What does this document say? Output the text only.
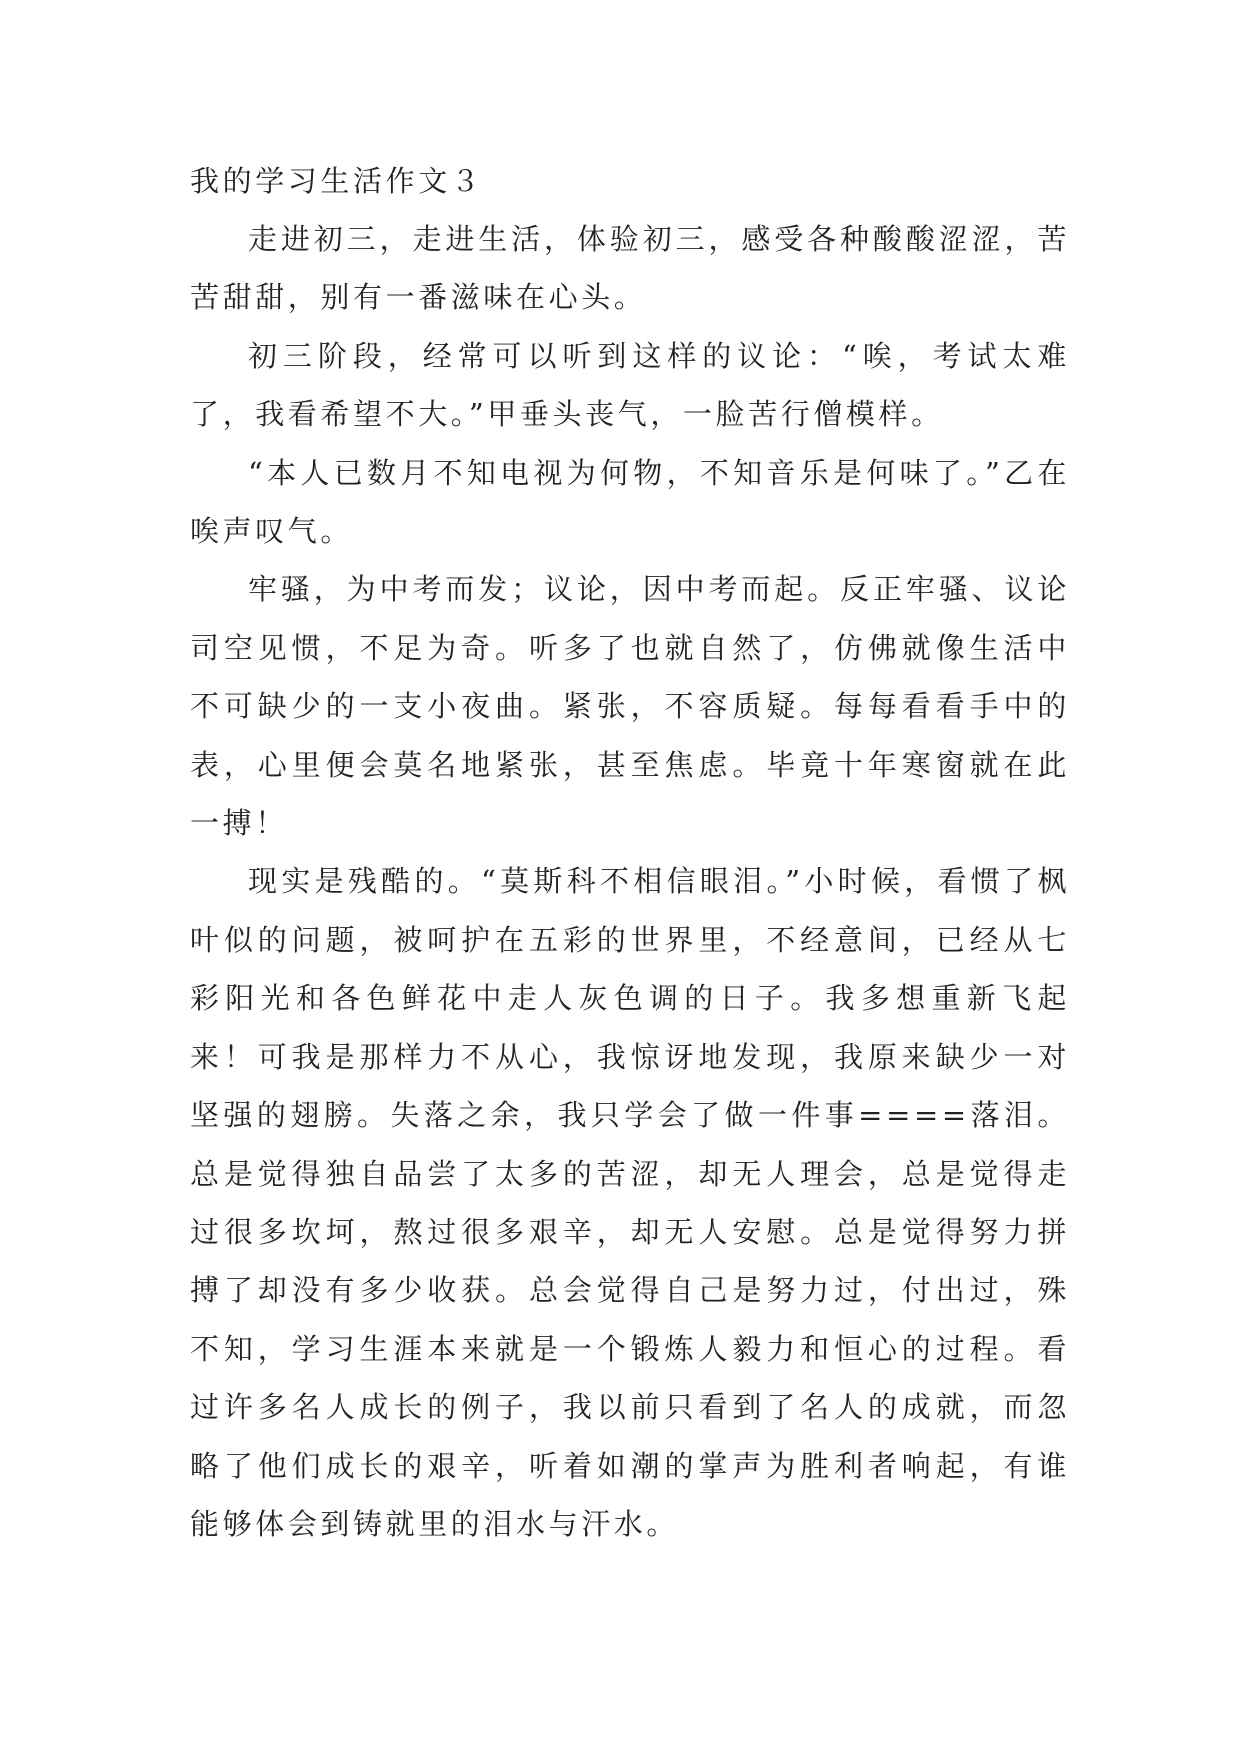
我的学习生活作文３

走进初三，走进生活，体验初三，感受各种酸酸涩涩，苦苦甜甜，别有一番滋味在心头。

初三阶段，经常可以听到这样的议论：“唉，考试太难了，我看希望不大。”甲垂头丧气，一脸苦行僧模样。

“本人已数月不知电视为何物，不知音乐是何味了。”乙在唉声叹气。

牢骚，为中考而发；议论，因中考而起。反正牢骚、议论司空见惯，不足为奇。听多了也就自然了，仿佛就像生活中不可缺少的一支小夜曲。紧张，不容质疑。每每看看手中的表，心里便会莫名地紧张，甚至焦虑。毕竟十年寒窗就在此一搏！

现实是残酷的。“莫斯科不相信眼泪。”小时候，看惯了枫叶似的问题，被呵护在五彩的世界里，不经意间，已经从七彩阳光和各色鲜花中走人灰色调的日子。我多想重新飞起来！可我是那样力不从心，我惊讶地发现，我原来缺少一对坚强的翅膀。失落之余，我只学会了做一件事====落泪。总是觉得独自品尝了太多的苦涩，却无人理会，总是觉得走过很多坎坷，熬过很多艰辛，却无人安慰。总是觉得努力拼搏了却没有多少收获。总会觉得自己是努力过，付出过，殊不知，学习生涯本来就是一个锻炼人毅力和恒心的过程。看过许多名人成长的例子，我以前只看到了名人的成就，而忽略了他们成长的艰辛，听着如潮的掌声为胜利者响起，有谁能够体会到铸就里的泪水与汗水。
